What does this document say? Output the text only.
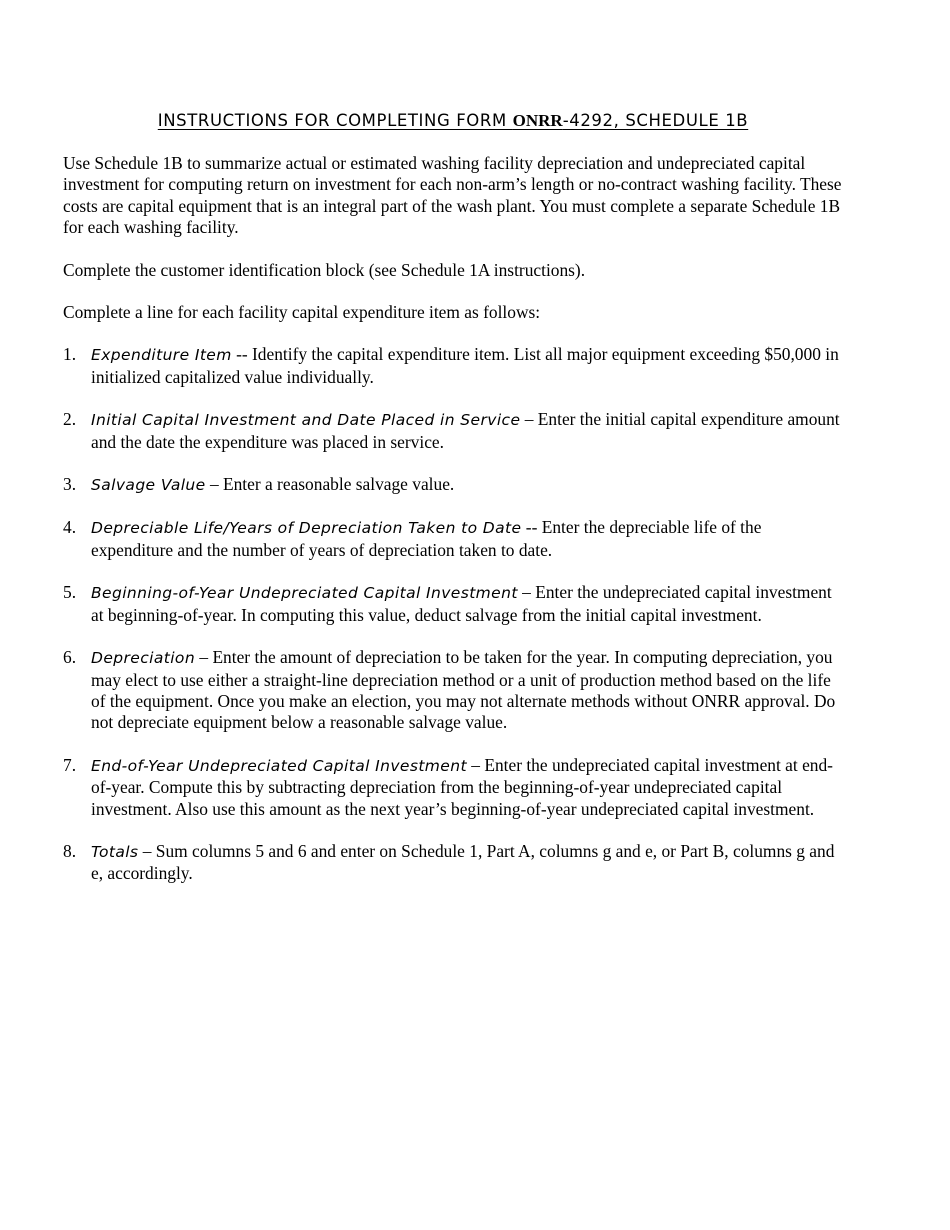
INSTRUCTIONS FOR COMPLETING FORM ONRR-4292, SCHEDULE 1B

Use Schedule 1B to summarize actual or estimated washing facility depreciation and undepreciated capital investment for computing return on investment for each non-arm’s length or no-contract washing facility. These costs are capital equipment that is an integral part of the wash plant. You must complete a separate Schedule 1B for each washing facility.

Complete the customer identification block (see Schedule 1A instructions).

Complete a line for each facility capital expenditure item as follows:

1. Expenditure Item -- Identify the capital expenditure item. List all major equipment exceeding $50,000 in initialized capitalized value individually.
2. Initial Capital Investment and Date Placed in Service – Enter the initial capital expenditure amount and the date the expenditure was placed in service.
3. Salvage Value – Enter a reasonable salvage value.
4. Depreciable Life/Years of Depreciation Taken to Date -- Enter the depreciable life of the expenditure and the number of years of depreciation taken to date.
5. Beginning-of-Year Undepreciated Capital Investment – Enter the undepreciated capital investment at beginning-of-year. In computing this value, deduct salvage from the initial capital investment.
6. Depreciation – Enter the amount of depreciation to be taken for the year. In computing depreciation, you may elect to use either a straight-line depreciation method or a unit of production method based on the life of the equipment. Once you make an election, you may not alternate methods without ONRR approval. Do not depreciate equipment below a reasonable salvage value.
7. End-of-Year Undepreciated Capital Investment – Enter the undepreciated capital investment at end-of-year. Compute this by subtracting depreciation from the beginning-of-year undepreciated capital investment. Also use this amount as the next year’s beginning-of-year undepreciated capital investment.
8. Totals – Sum columns 5 and 6 and enter on Schedule 1, Part A, columns g and e, or Part B, columns g and e, accordingly.
